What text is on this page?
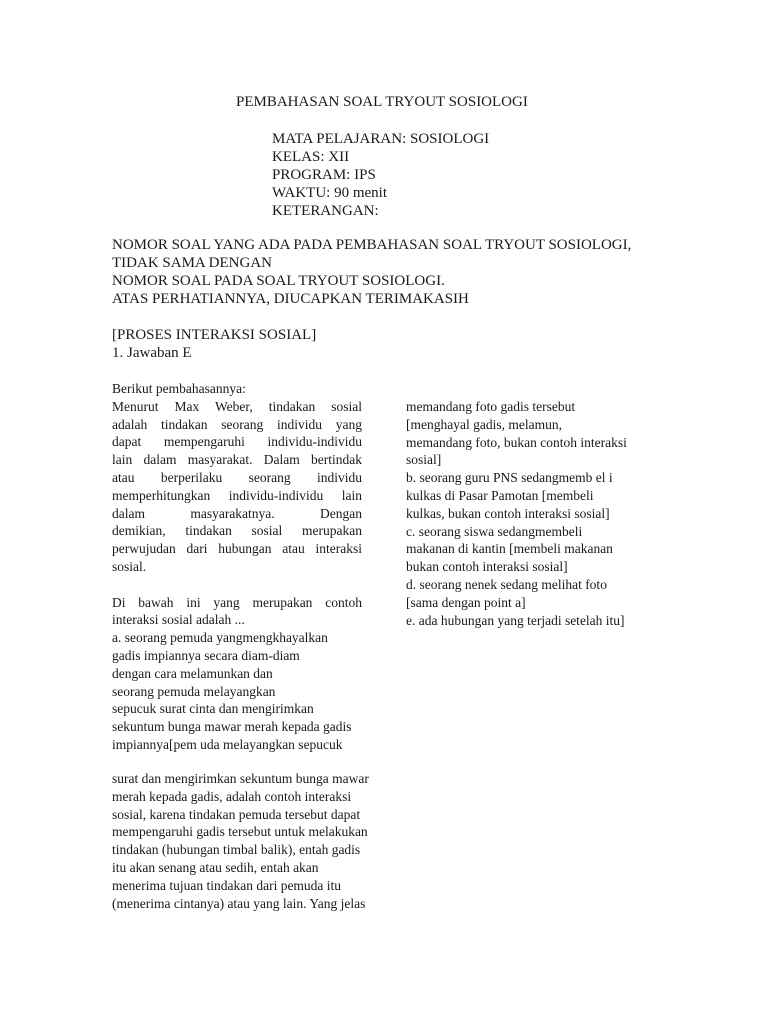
PEMBAHASAN SOAL TRYOUT SOSIOLOGI
MATA PELAJARAN: SOSIOLOGI
KELAS: XII
PROGRAM: IPS
WAKTU: 90 menit
KETERANGAN:
NOMOR SOAL YANG ADA PADA PEMBAHASAN SOAL TRYOUT SOSIOLOGI,
TIDAK SAMA DENGAN
NOMOR SOAL PADA SOAL TRYOUT SOSIOLOGI.
ATAS PERHATIANNYA, DIUCAPKAN TERIMAKASIH
[PROSES INTERAKSI SOSIAL]
1. Jawaban E
Berikut pembahasannya:
Menurut Max Weber, tindakan sosial
adalah tindakan seorang individu yang
dapat mempengaruhi individu-individu
lain dalam masyarakat. Dalam bertindak
atau berperilaku seorang individu
memperhitungkan individu-individu lain
dalam masyarakatnya. Dengan
demikian, tindakan sosial merupakan
perwujudan dari hubungan atau interaksi
sosial.
Di bawah ini yang merupakan contoh
interaksi sosial adalah ...
a. seorang pemuda yangmengkhayalkan
gadis impiannya secara diam-diam
dengan cara melamunkan dan
seorang pemuda melayangkan
sepucuk surat cinta dan mengirimkan
sekuntum bunga mawar merah kepada gadis
impiannya[pem uda melayangkan sepucuk
memandang foto gadis tersebut
[menghayal gadis, melamun,
memandang foto, bukan contoh interaksi
sosial]
b. seorang guru PNS sedangmemb el i
kulkas di Pasar Pamotan [membeli
kulkas, bukan contoh interaksi sosial]
c. seorang siswa sedangmembeli
makanan di kantin [membeli makanan
bukan contoh interaksi sosial]
d. seorang nenek sedang melihat foto
[sama dengan point a]
e. ada hubungan yang terjadi setelah itu]
surat dan mengirimkan sekuntum bunga mawar
merah kepada gadis, adalah contoh interaksi
sosial, karena tindakan pemuda tersebut dapat
mempengaruhi gadis tersebut untuk melakukan
tindakan (hubungan timbal balik), entah gadis
itu akan senang atau sedih, entah akan
menerima tujuan tindakan dari pemuda itu
(menerima cintanya) atau yang lain. Yang jelas
